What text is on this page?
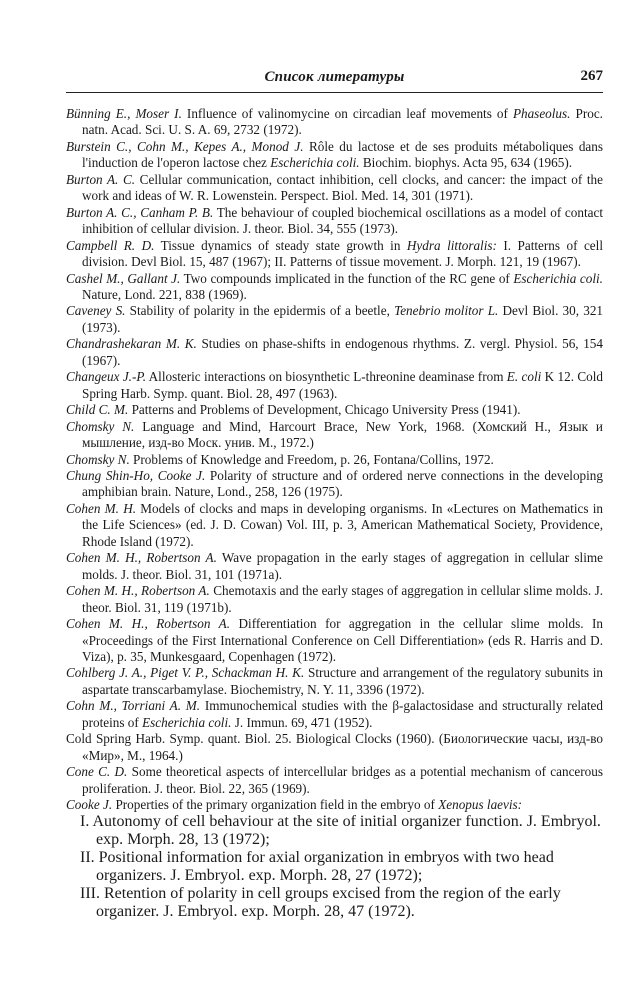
Список литературы	267
Bünning E., Moser I. Influence of valinomycine on circadian leaf movements of Phaseolus. Proc. natn. Acad. Sci. U. S. A. 69, 2732 (1972).
Burstein C., Cohn M., Kepes A., Monod J. Rôle du lactose et de ses produits métaboliques dans l'induction de l'operon lactose chez Escherichia coli. Biochim. biophys. Acta 95, 634 (1965).
Burton A. C. Cellular communication, contact inhibition, cell clocks, and cancer: the impact of the work and ideas of W. R. Lowenstein. Perspect. Biol. Med. 14, 301 (1971).
Burton A. C., Canham P. B. The behaviour of coupled biochemical oscillations as a model of contact inhibition of cellular division. J. theor. Biol. 34, 555 (1973).
Campbell R. D. Tissue dynamics of steady state growth in Hydra littoralis: I. Patterns of cell division. Devl Biol. 15, 487 (1967); II. Patterns of tissue movement. J. Morph. 121, 19 (1967).
Cashel M., Gallant J. Two compounds implicated in the function of the RC gene of Escherichia coli. Nature, Lond. 221, 838 (1969).
Caveney S. Stability of polarity in the epidermis of a beetle, Tenebrio molitor L. Devl Biol. 30, 321 (1973).
Chandrashekaran M. K. Studies on phase-shifts in endogenous rhythms. Z. vergl. Physiol. 56, 154 (1967).
Changeux J.-P. Allosteric interactions on biosynthetic L-threonine deaminase from E. coli K 12. Cold Spring Harb. Symp. quant. Biol. 28, 497 (1963).
Child C. M. Patterns and Problems of Development, Chicago University Press (1941).
Chomsky N. Language and Mind, Harcourt Brace, New York, 1968. (Хомский Н., Язык и мышление, изд-во Моск. унив. М., 1972.)
Chomsky N. Problems of Knowledge and Freedom, p. 26, Fontana/Collins, 1972.
Chung Shin-Ho, Cooke J. Polarity of structure and of ordered nerve connections in the developing amphibian brain. Nature, Lond., 258, 126 (1975).
Cohen M. H. Models of clocks and maps in developing organisms. In «Lectures on Mathematics in the Life Sciences» (ed. J. D. Cowan) Vol. III, p. 3, American Mathematical Society, Providence, Rhode Island (1972).
Cohen M. H., Robertson A. Wave propagation in the early stages of aggregation in cellular slime molds. J. theor. Biol. 31, 101 (1971a).
Cohen M. H., Robertson A. Chemotaxis and the early stages of aggregation in cellular slime molds. J. theor. Biol. 31, 119 (1971b).
Cohen M. H., Robertson A. Differentiation for aggregation in the cellular slime molds. In «Proceedings of the First International Conference on Cell Differentiation» (eds R. Harris and D. Viza), p. 35, Munkesgaard, Copenhagen (1972).
Cohlberg J. A., Piget V. P., Schackman H. K. Structure and arrangement of the regulatory subunits in aspartate transcarbamylase. Biochemistry, N. Y. 11, 3396 (1972).
Cohn M., Torriani A. M. Immunochemical studies with the β-galactosidase and structurally related proteins of Escherichia coli. J. Immun. 69, 471 (1952).
Cold Spring Harb. Symp. quant. Biol. 25. Biological Clocks (1960). (Биологические часы, изд-во «Мир», М., 1964.)
Cone C. D. Some theoretical aspects of intercellular bridges as a potential mechanism of cancerous proliferation. J. theor. Biol. 22, 365 (1969).
Cooke J. Properties of the primary organization field in the embryo of Xenopus laevis:
I. Autonomy of cell behaviour at the site of initial organizer function. J. Embryol. exp. Morph. 28, 13 (1972);
II. Positional information for axial organization in embryos with two head organizers. J. Embryol. exp. Morph. 28, 27 (1972);
III. Retention of polarity in cell groups excised from the region of the early organizer. J. Embryol. exp. Morph. 28, 47 (1972).
